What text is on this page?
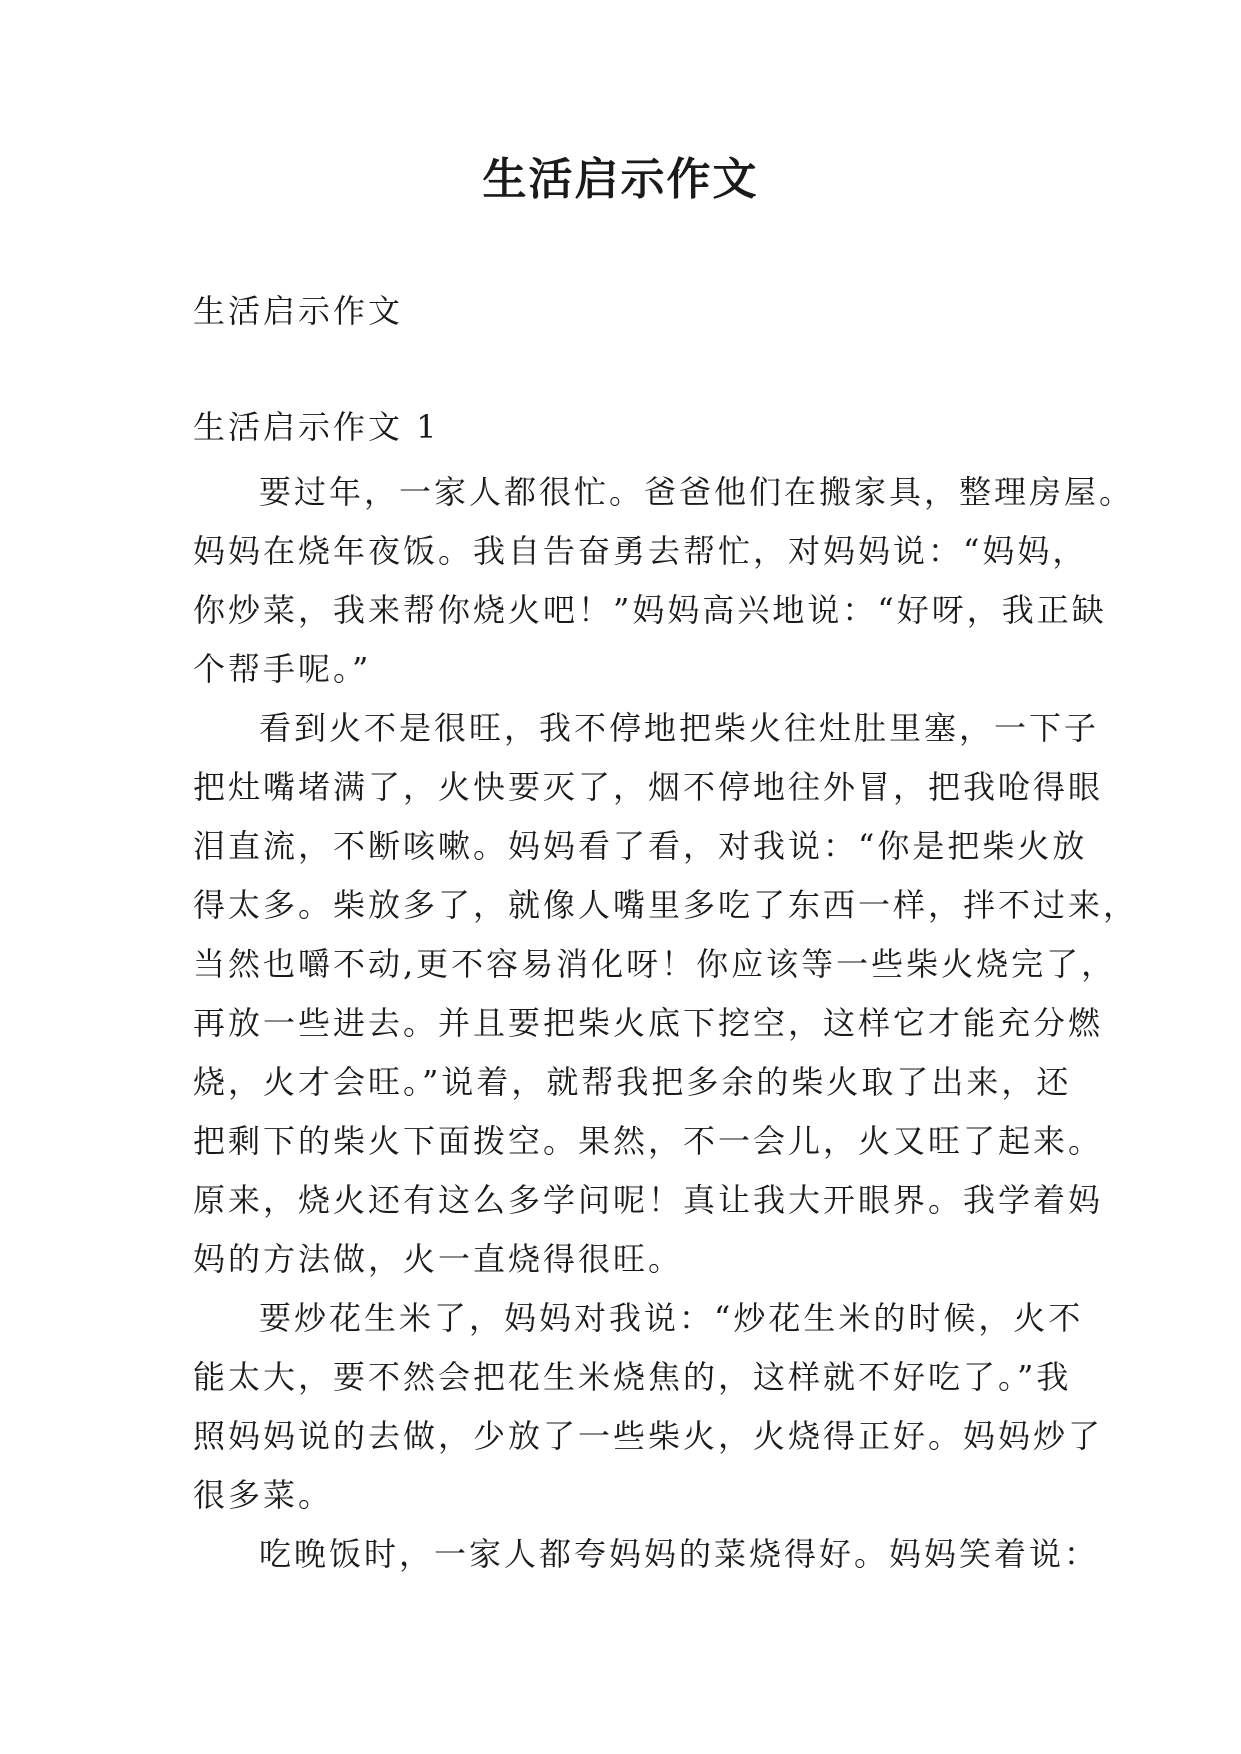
生活启示作文
生活启示作文
生活启示作文 1

要过年，一家人都很忙。爸爸他们在搬家具，整理房屋。
妈妈在烧年夜饭。我自告奋勇去帮忙，对妈妈说：“妈妈，
你炒菜，我来帮你烧火吧！”妈妈高兴地说：“好呀，我正缺
个帮手呢。”

看到火不是很旺，我不停地把柴火往灶肚里塞，一下子
把灶嘴堵满了，火快要灭了，烟不停地往外冒，把我呛得眼
泪直流，不断咳嗽。妈妈看了看，对我说：“你是把柴火放
得太多。柴放多了，就像人嘴里多吃了东西一样，拌不过来，
当然也嚼不动,更不容易消化呀！你应该等一些柴火烧完了，
再放一些进去。并且要把柴火底下挖空，这样它才能充分燃
烧，火才会旺。”说着，就帮我把多余的柴火取了出来，还
把剩下的柴火下面拨空。果然，不一会儿，火又旺了起来。
原来，烧火还有这么多学问呢！真让我大开眼界。我学着妈
妈的方法做，火一直烧得很旺。

要炒花生米了，妈妈对我说：“炒花生米的时候，火不
能太大，要不然会把花生米烧焦的，这样就不好吃了。”我
照妈妈说的去做，少放了一些柴火，火烧得正好。妈妈炒了
很多菜。

吃晚饭时，一家人都夸妈妈的菜烧得好。妈妈笑着说：
